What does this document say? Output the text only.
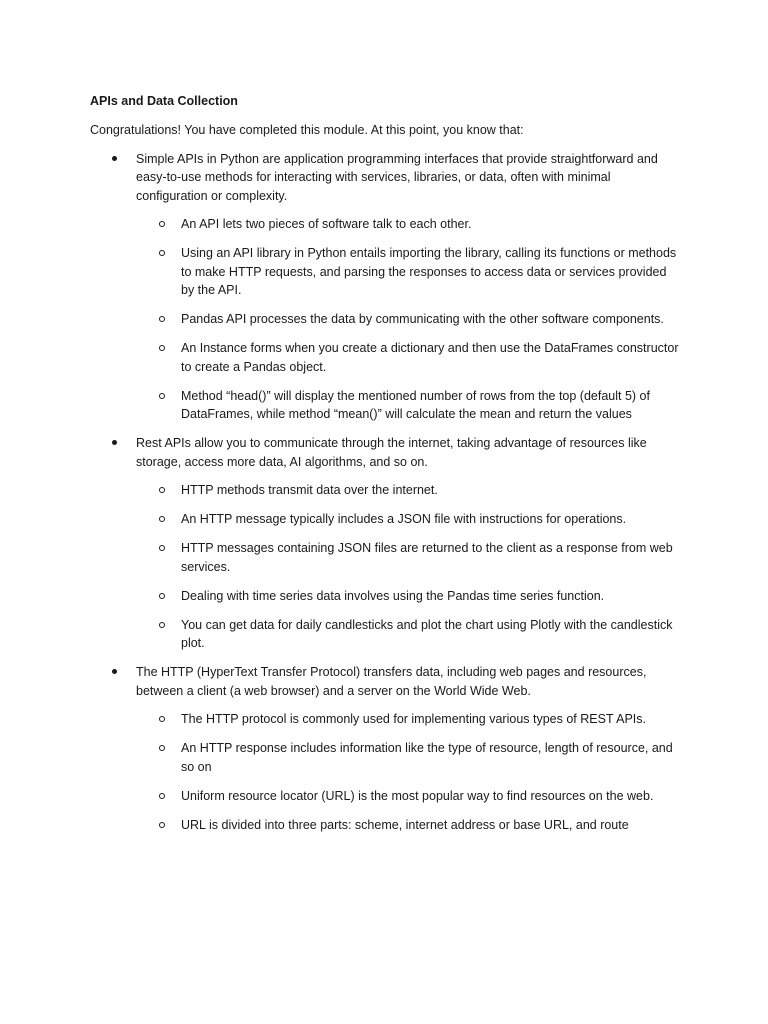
APIs and Data Collection
Congratulations! You have completed this module. At this point, you know that:
Simple APIs in Python are application programming interfaces that provide straightforward and easy-to-use methods for interacting with services, libraries, or data, often with minimal configuration or complexity.
An API lets two pieces of software talk to each other.
Using an API library in Python entails importing the library, calling its functions or methods to make HTTP requests, and parsing the responses to access data or services provided by the API.
Pandas API processes the data by communicating with the other software components.
An Instance forms when you create a dictionary and then use the DataFrames constructor to create a Pandas object.
Method “head()” will display the mentioned number of rows from the top (default 5) of DataFrames, while method “mean()” will calculate the mean and return the values
Rest APIs allow you to communicate through the internet, taking advantage of resources like storage, access more data, AI algorithms, and so on.
HTTP methods transmit data over the internet.
An HTTP message typically includes a JSON file with instructions for operations.
HTTP messages containing JSON files are returned to the client as a response from web services.
Dealing with time series data involves using the Pandas time series function.
You can get data for daily candlesticks and plot the chart using Plotly with the candlestick plot.
The HTTP (HyperText Transfer Protocol) transfers data, including web pages and resources, between a client (a web browser) and a server on the World Wide Web.
The HTTP protocol is commonly used for implementing various types of REST APIs.
An HTTP response includes information like the type of resource, length of resource, and so on
Uniform resource locator (URL) is the most popular way to find resources on the web.
URL is divided into three parts: scheme, internet address or base URL, and route
